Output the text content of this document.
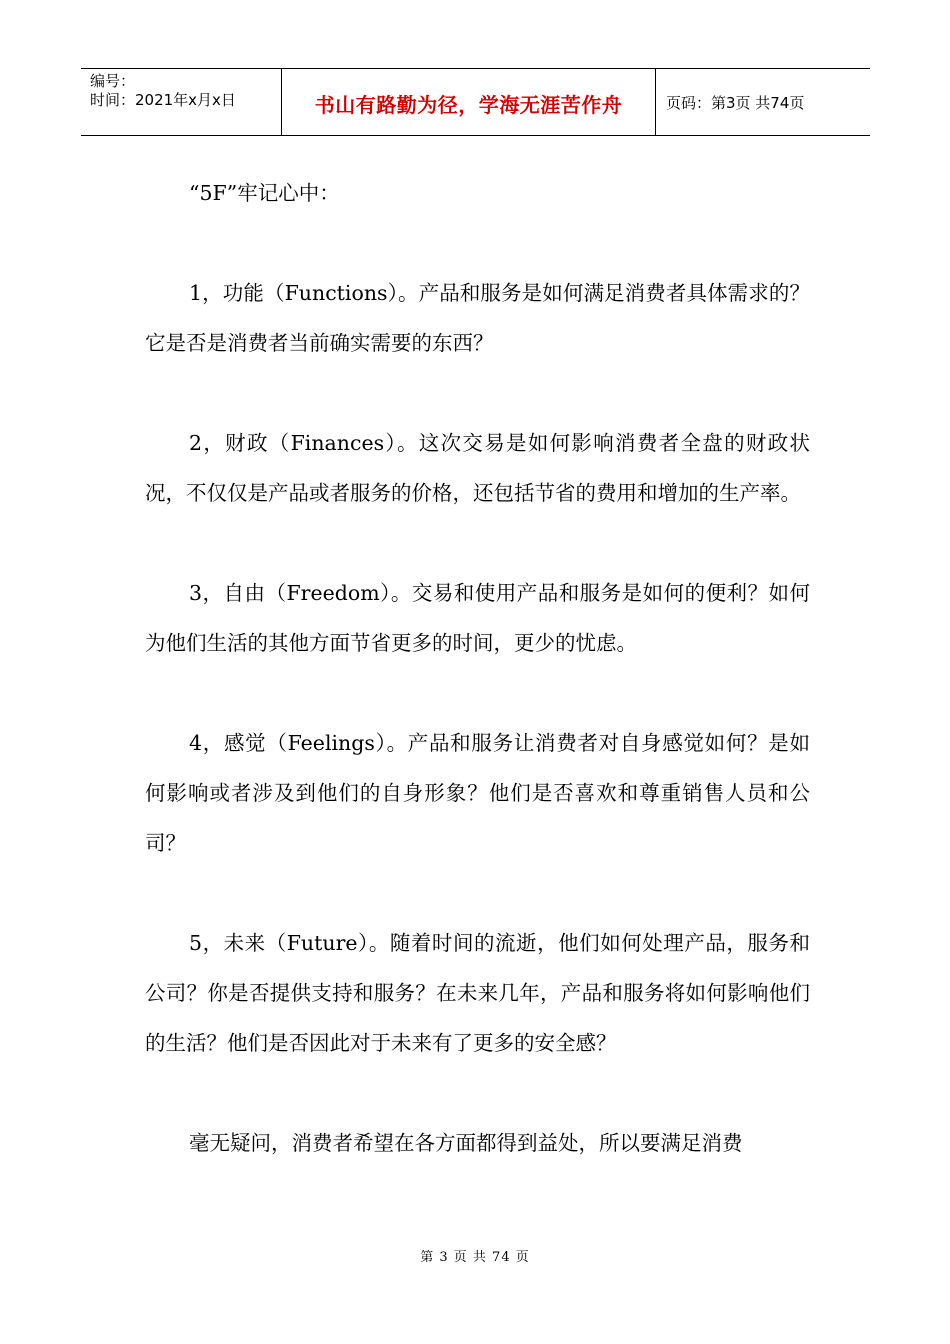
编号：
时间：2021年x月x日	书山有路勤为径，学海无涯苦作舟	页码：第3页 共74页

“5F”牢记心中：

1，功能（Functions）。产品和服务是如何满足消费者具体需求的？它是否是消费者当前确实需要的东西？

2，财政（Finances）。这次交易是如何影响消费者全盘的财政状况，不仅仅是产品或者服务的价格，还包括节省的费用和增加的生产率。

3，自由（Freedom）。交易和使用产品和服务是如何的便利？如何为他们生活的其他方面节省更多的时间，更少的忧虑。

4，感觉（Feelings）。产品和服务让消费者对自身感觉如何？是如何影响或者涉及到他们的自身形象？他们是否喜欢和尊重销售人员和公司？

5，未来（Future）。随着时间的流逝，他们如何处理产品，服务和公司？你是否提供支持和服务？在未来几年，产品和服务将如何影响他们的生活？他们是否因此对于未来有了更多的安全感？

毫无疑问，消费者希望在各方面都得到益处，所以要满足消费

第 3 页 共 74 页
